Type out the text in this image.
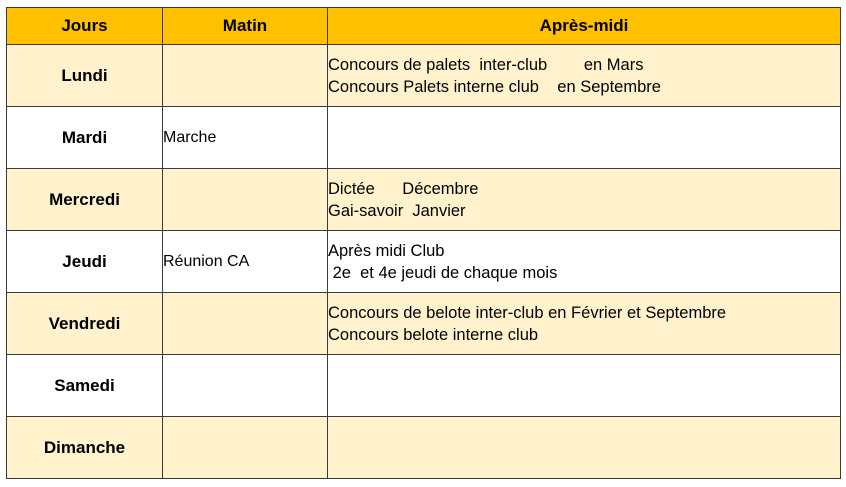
Jours	Matin	Après-midi
Lundi		Concours de palets  inter-club        en Mars
Concours Palets interne club    en Septembre

Mardi	Marche	
Mercredi		Dictée      Décembre
Gai-savoir  Janvier

Jeudi	Réunion CA	Après midi Club
2e  et 4e jeudi de chaque mois

Vendredi		Concours de belote inter-club en Février et Septembre
Concours belote interne club

Samedi		
Dimanche		
